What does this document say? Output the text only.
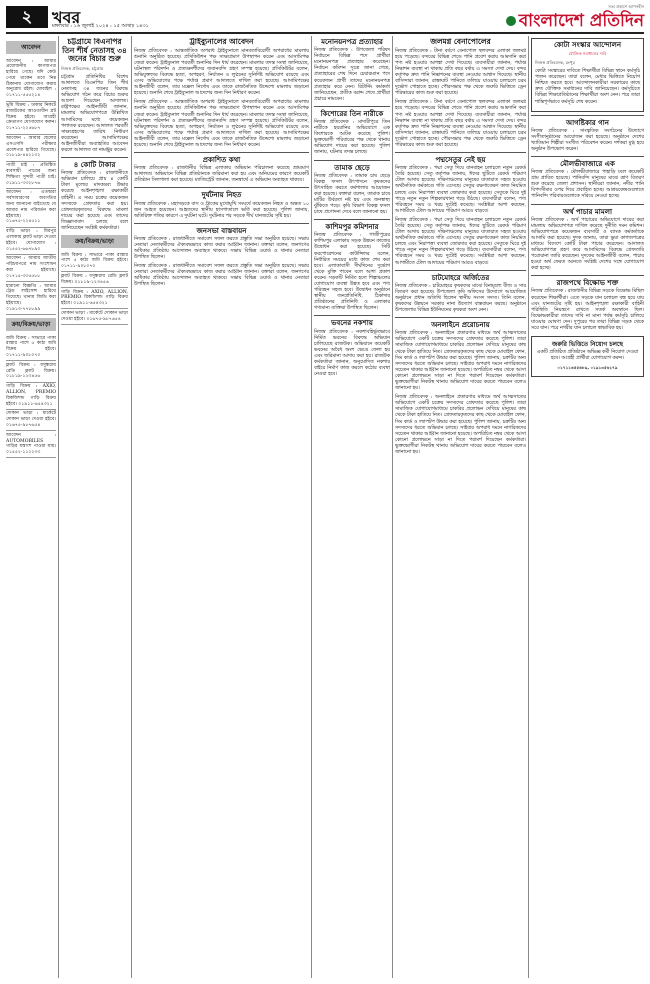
২	খবর
মঙ্গলবার : ১৬ জুলাই ২০২৪ : ১৫ আষাঢ় ১৪৩১
সত্য প্রকাশে আপসহীন
বাংলাদেশ প্রতিদিন
আবেদন

আবেদন : আমার প্রয়োজনীয় কাগজপত্র হারিয়ে গেছে। যদি কেউ পেয়ে থাকেন তবে নিম্ন ঠিকানায় যোগাযোগ করার অনুরোধ রইল। মোবাইল : ০১৭১১-৫৫৫২১৪

ভূমি বিক্রয় : ঢাকার নিকটে রাজউকের আওতাধীন প্লট বিক্রয় হইবে। আগ্রহী ক্রেতাগণ যোগাযোগ করুন। ০১৭১১-২২৫৬৮৭

আবেদন : আমার ছেলের এসএসসি পরীক্ষার প্রবেশপত্র হারিয়ে গিয়েছে। ০১৮১৯-৪৪২১৩২

পাত্রী চাই : প্রতিষ্ঠিত ব্যবসায়ী পাত্রের জন্য শিক্ষিতা সুন্দরী পাত্রী চাই। ০১৯১১-৩৩২৮৭৬

আবেদন : এতদ্বারা সর্বসাধারণের অবগতির জন্য জানানো যাইতেছে যে আমার নাম পরিবর্তন করা হইয়াছে। ০১৬৭৫-২২৪৫১১

বাড়ি ভাড়া : মিরপুর এলাকায় ফ্ল্যাট ভাড়া দেওয়া হইবে। যোগাযোগ : ০১৫৫২-৬৬৭৮৯০

আবেদন : আমার জাতীয় পরিচয়পত্রে নাম সংশোধন করা হইয়াছে। ০১৭১৫-৩৩৫৫৮৮

হারানো বিজ্ঞপ্তি : আমার ট্রেড লাইসেন্স হারিয়ে গিয়েছে। থানায় জিডি করা হইয়াছে। ০১৯১৩-৭৭৮৮৯৯

ক্রয়/বিক্রয়/ভাড়া

জমি বিক্রয় : সাভারে পাকা রাস্তার পাশে ৫ কাঠা জমি বিক্রয় হইবে। ০১৭১১-৯০৮০৭০

ফ্ল্যাট বিক্রয় : বসুন্ধরায় রেডি ফ্ল্যাট বিক্রয়। ০১৮১৯-১২৩৪৫৬

গাড়ি বিক্রয় : AXIO, ALLION, PREMIO রিকন্ডিশন্ড গাড়ি বিক্রয় হইবে। ০১৯১১-৬৫৪৩২১

দোকান ভাড়া : মার্কেটে দোকান ভাড়া দেওয়া হইবে। ০১৬৭৫-৯৮৭৬৫৪

আবেদন : AUTOMOBILES গাড়ির যন্ত্রাংশ পাওয়া যায়। ০১৫৫২-১১২২৩৩

চট্টগ্রামে বিএনপির তিন শীর্ষ নেতাসহ ৩৪ জনের বিচার শুরু
নিজস্ব প্রতিবেদক, চট্টগ্রাম

চট্টগ্রাম প্রতিনিধির বিশেষ আদালতে বিএনপির তিন শীর্ষ নেতাসহ ৩৪ জনের বিরুদ্ধে অভিযোগ গঠন করে বিচার শুরুর আদেশ দিয়েছেন আদালত। রাষ্ট্রপক্ষের আইনজীবী জানান, মামলার অভিযোগপত্রে উল্লিখিত আসামিদের মধ্যে কয়েকজন পলাতক রয়েছেন। আদালত পরবর্তী সাক্ষ্যগ্রহণের তারিখ নির্ধারণ করেছেন। আসামিপক্ষের আইনজীবীরা অব্যাহতির আবেদন করলে আদালত তা নামঞ্জুর করেন।

৪ কোটি টাকার

নিজস্ব প্রতিবেদক : রাজধানীতে অভিযান চালিয়ে প্রায় ৪ কোটি টাকা মূল্যের মাদকদ্রব্য উদ্ধার করেছে আইনশৃঙ্খলা রক্ষাকারী বাহিনী। এ সময় চক্রের কয়েকজন সদস্যকে গ্রেফতার করা হয়। গ্রেফতারকৃতদের বিরুদ্ধে মামলা দায়ের করা হয়েছে এবং তাদের জিজ্ঞাসাবাদ চলছে বলে জানিয়েছেন সংশ্লিষ্ট কর্মকর্তারা।

ক্রয়/বিক্রয়/ভাড়া

জমি বিক্রয় : সাভারে পাকা রাস্তার পাশে ৫ কাঠা জমি বিক্রয় হইবে। ০১৭১১-৯০৮০৭০

ফ্ল্যাট বিক্রয় : বসুন্ধরায় রেডি ফ্ল্যাট বিক্রয়। ০১৮১৯-১২৩৪৫৬

গাড়ি বিক্রয় : AXIO, ALLION, PREMIO রিকন্ডিশন্ড গাড়ি বিক্রয় হইবে। ০১৯১১-৬৫৪৩২১

দোকান ভাড়া : মার্কেটে দোকান ভাড়া দেওয়া হইবে। ০১৬৭৫-৯৮৭৬৫৪

ট্রাইব্যুনালের আবেদন

নিজস্ব প্রতিবেদক : আন্তর্জাতিক অপরাধ ট্রাইব্যুনালে মানবতাবিরোধী অপরাধের মামলায় শুনানি অনুষ্ঠিত হয়েছে। প্রসিকিউশন পক্ষ সাক্ষ্যপ্রমাণ উপস্থাপন করেন এবং আসামিপক্ষ জেরা করেন। ট্রাইব্যুনাল পরবর্তী শুনানির দিন ধার্য করেছেন। মামলার তদন্ত সংস্থা জানিয়েছে, ঘটনাস্থল পরিদর্শন ও প্রত্যক্ষদর্শীদের জবানবন্দি গ্রহণ সম্পন্ন হয়েছে। প্রসিকিউটর বলেন, অভিযুক্তদের বিরুদ্ধে হত্যা, অপহরণ, নির্যাতন ও লুণ্ঠনের সুনির্দিষ্ট অভিযোগ রয়েছে এবং এসব অভিযোগের পক্ষে পর্যাপ্ত প্রমাণ আদালতে দাখিল করা হয়েছে। আসামিপক্ষের আইনজীবী বলেন, তার মক্কেল নির্দোষ এবং তাকে রাজনৈতিক উদ্দেশ্যে মামলায় জড়ানো হয়েছে। শুনানি শেষে ট্রাইব্যুনাল আদেশের জন্য দিন নির্ধারণ করেন।

নিজস্ব প্রতিবেদক : আন্তর্জাতিক অপরাধ ট্রাইব্যুনালে মানবতাবিরোধী অপরাধের মামলায় শুনানি অনুষ্ঠিত হয়েছে। প্রসিকিউশন পক্ষ সাক্ষ্যপ্রমাণ উপস্থাপন করেন এবং আসামিপক্ষ জেরা করেন। ট্রাইব্যুনাল পরবর্তী শুনানির দিন ধার্য করেছেন। মামলার তদন্ত সংস্থা জানিয়েছে, ঘটনাস্থল পরিদর্শন ও প্রত্যক্ষদর্শীদের জবানবন্দি গ্রহণ সম্পন্ন হয়েছে। প্রসিকিউটর বলেন, অভিযুক্তদের বিরুদ্ধে হত্যা, অপহরণ, নির্যাতন ও লুণ্ঠনের সুনির্দিষ্ট অভিযোগ রয়েছে এবং এসব অভিযোগের পক্ষে পর্যাপ্ত প্রমাণ আদালতে দাখিল করা হয়েছে। আসামিপক্ষের আইনজীবী বলেন, তার মক্কেল নির্দোষ এবং তাকে রাজনৈতিক উদ্দেশ্যে মামলায় জড়ানো হয়েছে। শুনানি শেষে ট্রাইব্যুনাল আদেশের জন্য দিন নির্ধারণ করেন।

প্রকাশিত কথা

নিজস্ব প্রতিবেদক : রাজধানীর বিভিন্ন এলাকায় অভিযান পরিচালনা করেছে ভ্রাম্যমাণ আদালত। অভিযানে বিভিন্ন প্রতিষ্ঠানকে জরিমানা করা হয় এবং অনিয়মের কারণে কয়েকটি প্রতিষ্ঠান সিলগালা করা হয়েছে। ম্যাজিস্ট্রেট জানান, জনস্বার্থে এ অভিযান অব্যাহত থাকবে।

দুর্ঘটনায় নিহত

নিজস্ব প্রতিবেদক : মহাসড়কে বাস ও ট্রাকের মুখোমুখি সংঘর্ষে কয়েকজন নিহত ও অন্তত ১০ জন আহত হয়েছেন। আহতদের স্থানীয় হাসপাতালে ভর্তি করা হয়েছে। পুলিশ জানায়, অতিরিক্ত গতির কারণে এ দুর্ঘটনা ঘটে। দুর্ঘটনার পর সড়কে দীর্ঘ যানজটের সৃষ্টি হয়।

জনসভা বাস্তবায়ন

নিজস্ব প্রতিবেদক : রাজধানীতে সমাবেশ সফল করতে প্রস্তুতি সভা অনুষ্ঠিত হয়েছে। সভায় নেতারা নেতাকর্মীদের ঐক্যবদ্ধভাবে কাজ করার আহ্বান জানান। বক্তারা বলেন, জনগণের অধিকার প্রতিষ্ঠায় আন্দোলন অব্যাহত থাকবে। সভায় বিভিন্ন ওয়ার্ড ও থানার নেতারা উপস্থিত ছিলেন।

নিজস্ব প্রতিবেদক : রাজধানীতে সমাবেশ সফল করতে প্রস্তুতি সভা অনুষ্ঠিত হয়েছে। সভায় নেতারা নেতাকর্মীদের ঐক্যবদ্ধভাবে কাজ করার আহ্বান জানান। বক্তারা বলেন, জনগণের অধিকার প্রতিষ্ঠায় আন্দোলন অব্যাহত থাকবে। সভায় বিভিন্ন ওয়ার্ড ও থানার নেতারা উপস্থিত ছিলেন।

মনোনয়নপত্র প্রত্যাহার

নিজস্ব প্রতিবেদক : উপজেলা পরিষদ নির্বাচনে বিভিন্ন পদে প্রার্থীরা মনোনয়নপত্র প্রত্যাহার করেছেন। নির্বাচন কমিশন সূত্রে জানা গেছে, প্রত্যাহারের শেষ দিনে চেয়ারম্যান পদে কয়েকজন প্রার্থী তাদের মনোনয়নপত্র প্রত্যাহার করে নেন। রিটার্নিং কর্মকর্তা জানিয়েছেন, প্রতীক বরাদ্দ শেষে প্রার্থীরা প্রচারে নামবেন।

কিশোরের তিন নারীকে

নিজস্ব প্রতিবেদক : মাদারীপুরে তিন নারীকে হয়রানির অভিযোগে এক কিশোরকে আটক করেছে পুলিশ। ভুক্তভোগী পরিবারের পক্ষ থেকে থানায় অভিযোগ দায়ের করা হয়েছে। পুলিশ জানায়, ঘটনার তদন্ত চলছে।

তামাক ছেড়ে

নিজস্ব প্রতিবেদক : তামাক চাষ ছেড়ে বিকল্প ফসল উৎপাদনে কৃষকদের উৎসাহিত করতে কর্মশালার আয়োজন করা হয়েছে। বক্তারা বলেন, তামাক চাষে মাটির উর্বরতা নষ্ট হয় এবং জনস্বাস্থ্য ঝুঁকিতে পড়ে। কৃষি বিভাগ বিকল্প ফসল চাষে প্রণোদনা দেবে বলে জানানো হয়।

কাশিমপুর কমিশনার

নিজস্ব প্রতিবেদক : গাজীপুরের কাশিমপুর এলাকায় সড়ক উন্নয়ন কাজের উদ্বোধন করা হয়েছে। সিটি করপোরেশনের কাউন্সিলর বলেন, নির্ধারিত সময়ের মধ্যে কাজ শেষ করা হবে। এলাকাবাসী দীর্ঘদিনের দুর্ভোগ থেকে মুক্তি পাবেন বলে আশা প্রকাশ করেন। সড়কটি নির্মিত হলে শিল্পাঞ্চলের যোগাযোগ ব্যবস্থা উন্নত হবে এবং পণ্য পরিবহন সহজ হবে। উদ্বোধন অনুষ্ঠানে স্থানীয় জনপ্রতিনিধি, ঠিকাদার প্রতিষ্ঠানের প্রতিনিধি ও এলাকার গণ্যমান্য ব্যক্তিরা উপস্থিত ছিলেন।

ভবনের নকশায়

নিজস্ব প্রতিবেদক : নকশাবহির্ভূতভাবে নির্মিত ভবনের বিরুদ্ধে অভিযান চালিয়েছে রাজউক। অভিযানে কয়েকটি ভবনের অবৈধ অংশ ভেঙে ফেলা হয় এবং জরিমানা আদায় করা হয়। রাজউক কর্মকর্তারা জানান, অনুমোদিত নকশার বাইরে নির্মাণ কাজ করলে কঠোর ব্যবস্থা নেওয়া হবে।

জলমগ্ন বেনাপোলের

নিজস্ব প্রতিবেদক : টানা বর্ষণে বেনাপোল স্থলবন্দর এলাকা জলমগ্ন হয়ে পড়েছে। বন্দরের বিভিন্ন শেডে পানি প্রবেশ করায় আমদানি করা পণ্য নষ্ট হওয়ার আশঙ্কা দেখা দিয়েছে। ব্যবসায়ীরা জানান, পর্যাপ্ত নিষ্কাশন ব্যবস্থা না থাকায় প্রতি বছর বর্ষায় এ সমস্যা দেখা দেয়। বন্দর কর্তৃপক্ষ দ্রুত পানি নিষ্কাশনের ব্যবস্থা নেওয়ার আশ্বাস দিয়েছে। স্থানীয় বাসিন্দারা জানান, রাস্তাঘাট পানিতে তলিয়ে যাওয়ায় চলাচলে চরম দুর্ভোগ পোহাতে হচ্ছে। পৌরসভার পক্ষ থেকে জরুরি ভিত্তিতে ড্রেন পরিষ্কারের কাজ শুরু করা হয়েছে।

নিজস্ব প্রতিবেদক : টানা বর্ষণে বেনাপোল স্থলবন্দর এলাকা জলমগ্ন হয়ে পড়েছে। বন্দরের বিভিন্ন শেডে পানি প্রবেশ করায় আমদানি করা পণ্য নষ্ট হওয়ার আশঙ্কা দেখা দিয়েছে। ব্যবসায়ীরা জানান, পর্যাপ্ত নিষ্কাশন ব্যবস্থা না থাকায় প্রতি বছর বর্ষায় এ সমস্যা দেখা দেয়। বন্দর কর্তৃপক্ষ দ্রুত পানি নিষ্কাশনের ব্যবস্থা নেওয়ার আশ্বাস দিয়েছে। স্থানীয় বাসিন্দারা জানান, রাস্তাঘাট পানিতে তলিয়ে যাওয়ায় চলাচলে চরম দুর্ভোগ পোহাতে হচ্ছে। পৌরসভার পক্ষ থেকে জরুরি ভিত্তিতে ড্রেন পরিষ্কারের কাজ শুরু করা হয়েছে।

পদ্মসেতুর নেই ছয়

নিজস্ব প্রতিবেদক : পদ্মা সেতু দিয়ে যানবাহন চলাচলে নতুন রেকর্ড তৈরি হয়েছে। সেতু কর্তৃপক্ষ জানায়, ঈদের ছুটিতে রেকর্ড পরিমাণ টোল আদায় হয়েছে। দক্ষিণাঞ্চলের মানুষের যাতায়াত সহজ হওয়ায় অর্থনৈতিক কর্মকাণ্ডে গতি এসেছে। সেতুর রক্ষণাবেক্ষণ কাজ নিয়মিত চলছে এবং নিরাপত্তা ব্যবস্থা জোরদার করা হয়েছে। সেতুকে ঘিরে দুই পাড়ে নতুন নতুন শিল্পকারখানা গড়ে উঠছে। ব্যবসায়ীরা বলেন, পণ্য পরিবহনে সময় ও খরচ দুটোই কমেছে। সংশ্লিষ্টরা আশা করছেন, আগামীতে টোল আদায়ের পরিমাণ আরও বাড়বে।

নিজস্ব প্রতিবেদক : পদ্মা সেতু দিয়ে যানবাহন চলাচলে নতুন রেকর্ড তৈরি হয়েছে। সেতু কর্তৃপক্ষ জানায়, ঈদের ছুটিতে রেকর্ড পরিমাণ টোল আদায় হয়েছে। দক্ষিণাঞ্চলের মানুষের যাতায়াত সহজ হওয়ায় অর্থনৈতিক কর্মকাণ্ডে গতি এসেছে। সেতুর রক্ষণাবেক্ষণ কাজ নিয়মিত চলছে এবং নিরাপত্তা ব্যবস্থা জোরদার করা হয়েছে। সেতুকে ঘিরে দুই পাড়ে নতুন নতুন শিল্পকারখানা গড়ে উঠছে। ব্যবসায়ীরা বলেন, পণ্য পরিবহনে সময় ও খরচ দুটোই কমেছে। সংশ্লিষ্টরা আশা করছেন, আগামীতে টোল আদায়ের পরিমাণ আরও বাড়বে।

চাটমোহরে অর্জিতের

নিজস্ব প্রতিবেদক : চাটমোহরে কৃষকদের মাঝে বিনামূল্যে বীজ ও সার বিতরণ করা হয়েছে। উপজেলা কৃষি অফিসের উদ্যোগে আয়োজিত অনুষ্ঠানে প্রধান অতিথি ছিলেন স্থানীয় সংসদ সদস্য। তিনি বলেন, কৃষকদের উন্নয়নে সরকার নানা উদ্যোগ বাস্তবায়ন করছে। অনুষ্ঠানে উপজেলার বিভিন্ন ইউনিয়নের কৃষকরা অংশ নেন।

অনলাইনে প্ররোচনায়

নিজস্ব প্রতিবেদক : অনলাইনে প্রতারণার মাধ্যমে অর্থ আত্মসাতের অভিযোগে একটি চক্রের সদস্যদের গ্রেফতার করেছে পুলিশ। তারা সামাজিক যোগাযোগমাধ্যমে চাকরির প্রলোভন দেখিয়ে মানুষের কাছ থেকে টাকা হাতিয়ে নিত। গ্রেফতারকৃতদের কাছ থেকে মোবাইল ফোন, সিম কার্ড ও ল্যাপটপ উদ্ধার করা হয়েছে। পুলিশ জানায়, চক্রটির অন্য সদস্যদের ধরতে অভিযান চলছে। সাইবার অপরাধ দমনে নাগরিকদের সচেতন থাকার আহ্বান জানানো হয়েছে। অপরিচিত নম্বর থেকে আসা কোনো প্রলোভনে সাড়া না দিতে পরামর্শ দিয়েছেন কর্মকর্তারা। ভুক্তভোগীরা নিকটস্থ থানায় অভিযোগ দায়ের করতে পারবেন বলেও জানানো হয়।

নিজস্ব প্রতিবেদক : অনলাইনে প্রতারণার মাধ্যমে অর্থ আত্মসাতের অভিযোগে একটি চক্রের সদস্যদের গ্রেফতার করেছে পুলিশ। তারা সামাজিক যোগাযোগমাধ্যমে চাকরির প্রলোভন দেখিয়ে মানুষের কাছ থেকে টাকা হাতিয়ে নিত। গ্রেফতারকৃতদের কাছ থেকে মোবাইল ফোন, সিম কার্ড ও ল্যাপটপ উদ্ধার করা হয়েছে। পুলিশ জানায়, চক্রটির অন্য সদস্যদের ধরতে অভিযান চলছে। সাইবার অপরাধ দমনে নাগরিকদের সচেতন থাকার আহ্বান জানানো হয়েছে। অপরিচিত নম্বর থেকে আসা কোনো প্রলোভনে সাড়া না দিতে পরামর্শ দিয়েছেন কর্মকর্তারা। ভুক্তভোগীরা নিকটস্থ থানায় অভিযোগ দায়ের করতে পারবেন বলেও জানানো হয়।

কোটা সংস্কার আন্দোলন
যৌক্তিক সমাধানের দাবি
নিজস্ব প্রতিবেদক, রংপুর

কোটা সংস্কারের দাবিতে শিক্ষার্থীরা বিভিন্ন স্থানে কর্মসূচি পালন করেছেন। তারা বলেন, মেধার ভিত্তিতে নিয়োগ নিশ্চিত করতে হবে। আন্দোলনকারীরা সরকারের কাছে দ্রুত যৌক্তিক সমাধানের দাবি জানিয়েছেন। কর্মসূচিতে বিভিন্ন শিক্ষাপ্রতিষ্ঠানের শিক্ষার্থীরা অংশ নেন। পরে তারা শান্তিপূর্ণভাবে কর্মসূচি শেষ করেন।

আগষ্টিকার গান

নিজস্ব প্রতিবেদক : সাংস্কৃতিক সংগঠনের উদ্যোগে সংগীতানুষ্ঠানের আয়োজন করা হয়েছে। অনুষ্ঠানে দেশের খ্যাতিমান শিল্পীরা সংগীত পরিবেশন করেন। দর্শকরা মুগ্ধ হয়ে অনুষ্ঠান উপভোগ করেন।

মৌলভীবাজারে এক

নিজস্ব প্রতিবেদক : মৌলভীবাজারে পাহাড়ি ঢলে কয়েকটি গ্রাম প্লাবিত হয়েছে। পানিবন্দি মানুষের মাঝে ত্রাণ বিতরণ শুরু করেছে জেলা প্রশাসন। স্থানীয়রা জানান, নদীর পানি বিপদসীমার ওপর দিয়ে প্রবাহিত হচ্ছে। আশ্রয়কেন্দ্রগুলোতে পানিবন্দি পরিবারগুলোকে সরিয়ে নেওয়া হচ্ছে।

অর্থ পাচার মামলা

নিজস্ব প্রতিবেদক : অর্থ পাচারের অভিযোগে দায়ের করা মামলায় অভিযোগপত্র দাখিল করেছে দুর্নীতি দমন কমিশন। অভিযোগপত্রে কয়েকজন ব্যবসায়ী ও ব্যাংক কর্মকর্তাকে আসামি করা হয়েছে। দুদক জানায়, তারা ভুয়া কাগজপত্রের মাধ্যমে বিদেশে কোটি টাকা পাচার করেছেন। আদালত অভিযোগপত্র গ্রহণ করে আসামিদের বিরুদ্ধে গ্রেফতারি পরোয়ানা জারি করেছেন। দুদকের আইনজীবী বলেন, পাচার হওয়া অর্থ ফেরত আনতে সংশ্লিষ্ট দেশের সঙ্গে যোগাযোগ করা হচ্ছে।

রাজপথে বিক্ষোভ শক্ত

নিজস্ব প্রতিবেদক : রাজধানীর বিভিন্ন সড়কে বিক্ষোভ মিছিল করেছেন শিক্ষার্থীরা। এতে সড়কে যান চলাচল বন্ধ হয়ে যায় এবং যানজটের সৃষ্টি হয়। আইনশৃঙ্খলা রক্ষাকারী বাহিনী পরিস্থিতি নিয়ন্ত্রণে রাখতে সতর্ক অবস্থানে ছিল। বিক্ষোভকারীরা তাদের দাবি না মানা পর্যন্ত কর্মসূচি চালিয়ে যাওয়ার ঘোষণা দেন। দুপুরের পর তারা বিভিন্ন সড়ক থেকে সরে যান। পরে নগরীর যান চলাচল স্বাভাবিক হয়।

জরুরি ভিত্তিতে নিয়োগ চলছে

একটি প্রতিষ্ঠিত প্রতিষ্ঠানে অভিজ্ঞ কর্মী নিয়োগ দেওয়া হবে। আগ্রহী প্রার্থীরা যোগাযোগ করুন।

০১৭১১৬৫৫৬৮৯, ০১৯১৩৫৬১৭৯
